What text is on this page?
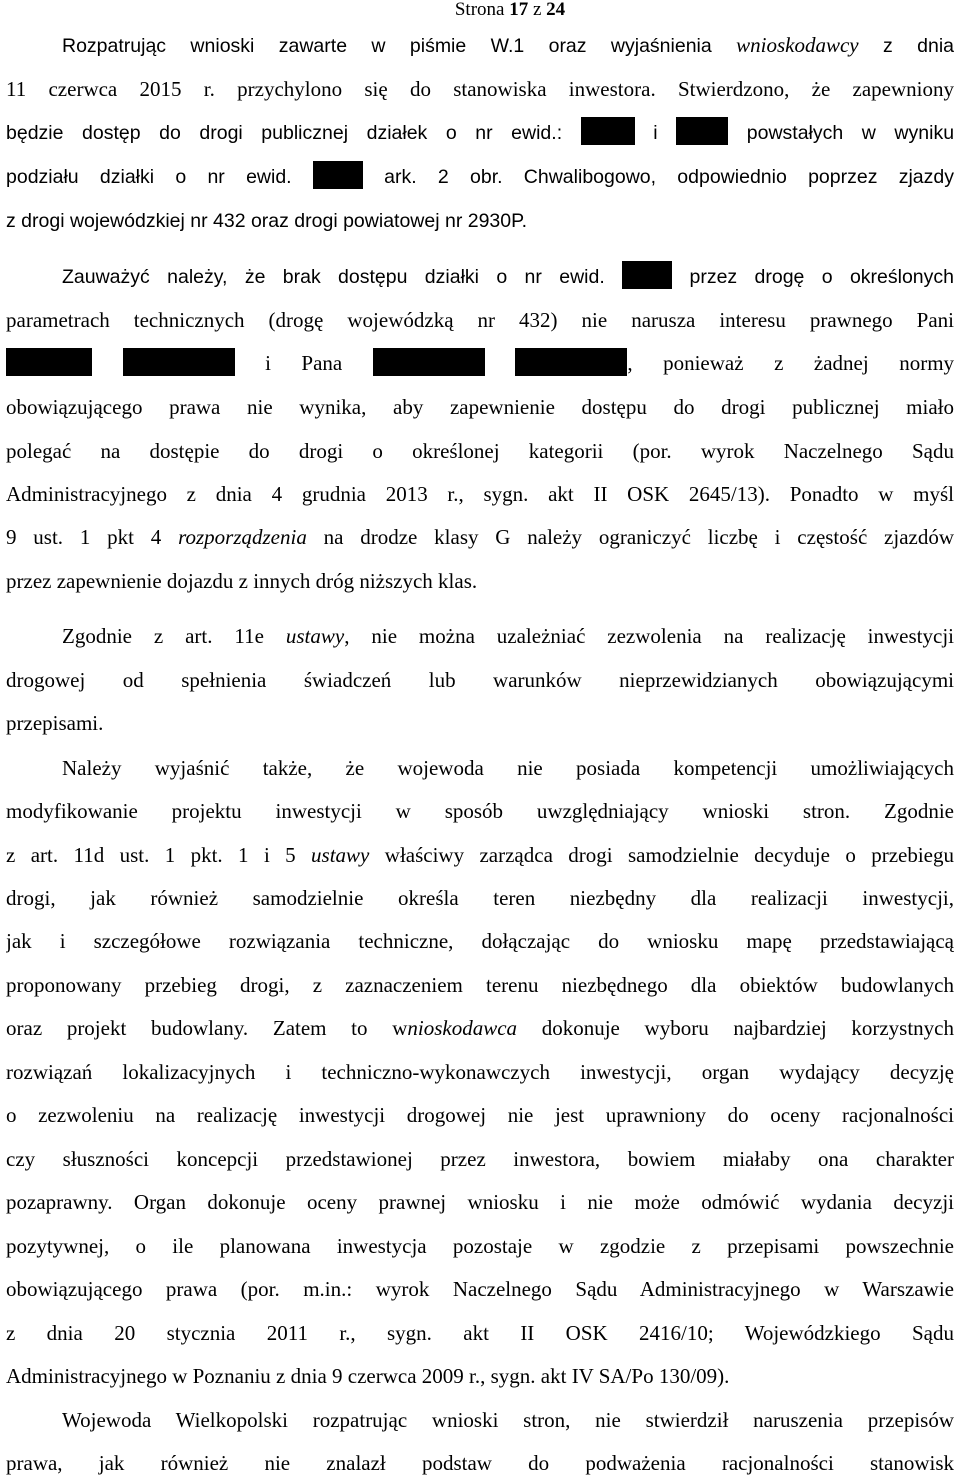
Strona 17 z 24
Rozpatrując wnioski zawarte w piśmie W.1 oraz wyjaśnienia wnioskodawcy z dnia
11 czerwca 2015 r. przychylono się do stanowiska inwestora. Stwierdzono, że zapewniony
będzie dostęp do drogi publicznej działek o nr ewid.:	i	powstałych w wyniku
podziału działki o nr ewid.	ark. 2 obr. Chwalibogowo, odpowiednio poprzez zjazdy
z drogi wojewódzkiej nr 432 oraz drogi powiatowej nr 2930P.
Zauważyć należy, że brak dostępu działki o nr ewid.	przez drogę o określonych
parametrach technicznych (drogę wojewódzką nr 432) nie narusza interesu prawnego Pani
i Pana	, ponieważ z żadnej normy
obowiązującego prawa nie wynika, aby zapewnienie dostępu do drogi publicznej miało
polegać na dostępie do drogi o określonej kategorii (por. wyrok Naczelnego Sądu
Administracyjnego z dnia 4 grudnia 2013 r., sygn. akt II OSK 2645/13). Ponadto w myśl
9 ust. 1 pkt 4 rozporządzenia na drodze klasy G należy ograniczyć liczbę i częstość zjazdów
przez zapewnienie dojazdu z innych dróg niższych klas.
Zgodnie z art. 11e ustawy, nie można uzależniać zezwolenia na realizację inwestycji
drogowej od spełnienia świadczeń lub warunków nieprzewidzianych obowiązującymi
przepisami.
Należy wyjaśnić także, że wojewoda nie posiada kompetencji umożliwiających
modyfikowanie projektu inwestycji w sposób uwzględniający wnioski stron. Zgodnie
z art. 11d ust. 1 pkt. 1 i 5 ustawy właściwy zarządca drogi samodzielnie decyduje o przebiegu
drogi, jak również samodzielnie określa teren niezbędny dla realizacji inwestycji,
jak i szczegółowe rozwiązania techniczne, dołączając do wniosku mapę przedstawiającą
proponowany przebieg drogi, z zaznaczeniem terenu niezbędnego dla obiektów budowlanych
oraz projekt budowlany. Zatem to wnioskodawca dokonuje wyboru najbardziej korzystnych
rozwiązań lokalizacyjnych i techniczno-wykonawczych inwestycji, organ wydający decyzję
o zezwoleniu na realizację inwestycji drogowej nie jest uprawniony do oceny racjonalności
czy słuszności koncepcji przedstawionej przez inwestora, bowiem miałaby ona charakter
pozaprawny. Organ dokonuje oceny prawnej wniosku i nie może odmówić wydania decyzji
pozytywnej, o ile planowana inwestycja pozostaje w zgodzie z przepisami powszechnie
obowiązującego prawa (por. m.in.: wyrok Naczelnego Sądu Administracyjnego w Warszawie
z dnia 20 stycznia 2011 r., sygn. akt II OSK 2416/10; Wojewódzkiego Sądu
Administracyjnego w Poznaniu z dnia 9 czerwca 2009 r., sygn. akt IV SA/Po 130/09).
Wojewoda Wielkopolski rozpatrując wnioski stron, nie stwierdził naruszenia przepisów
prawa, jak również nie znalazł podstaw do podważenia racjonalności stanowisk
